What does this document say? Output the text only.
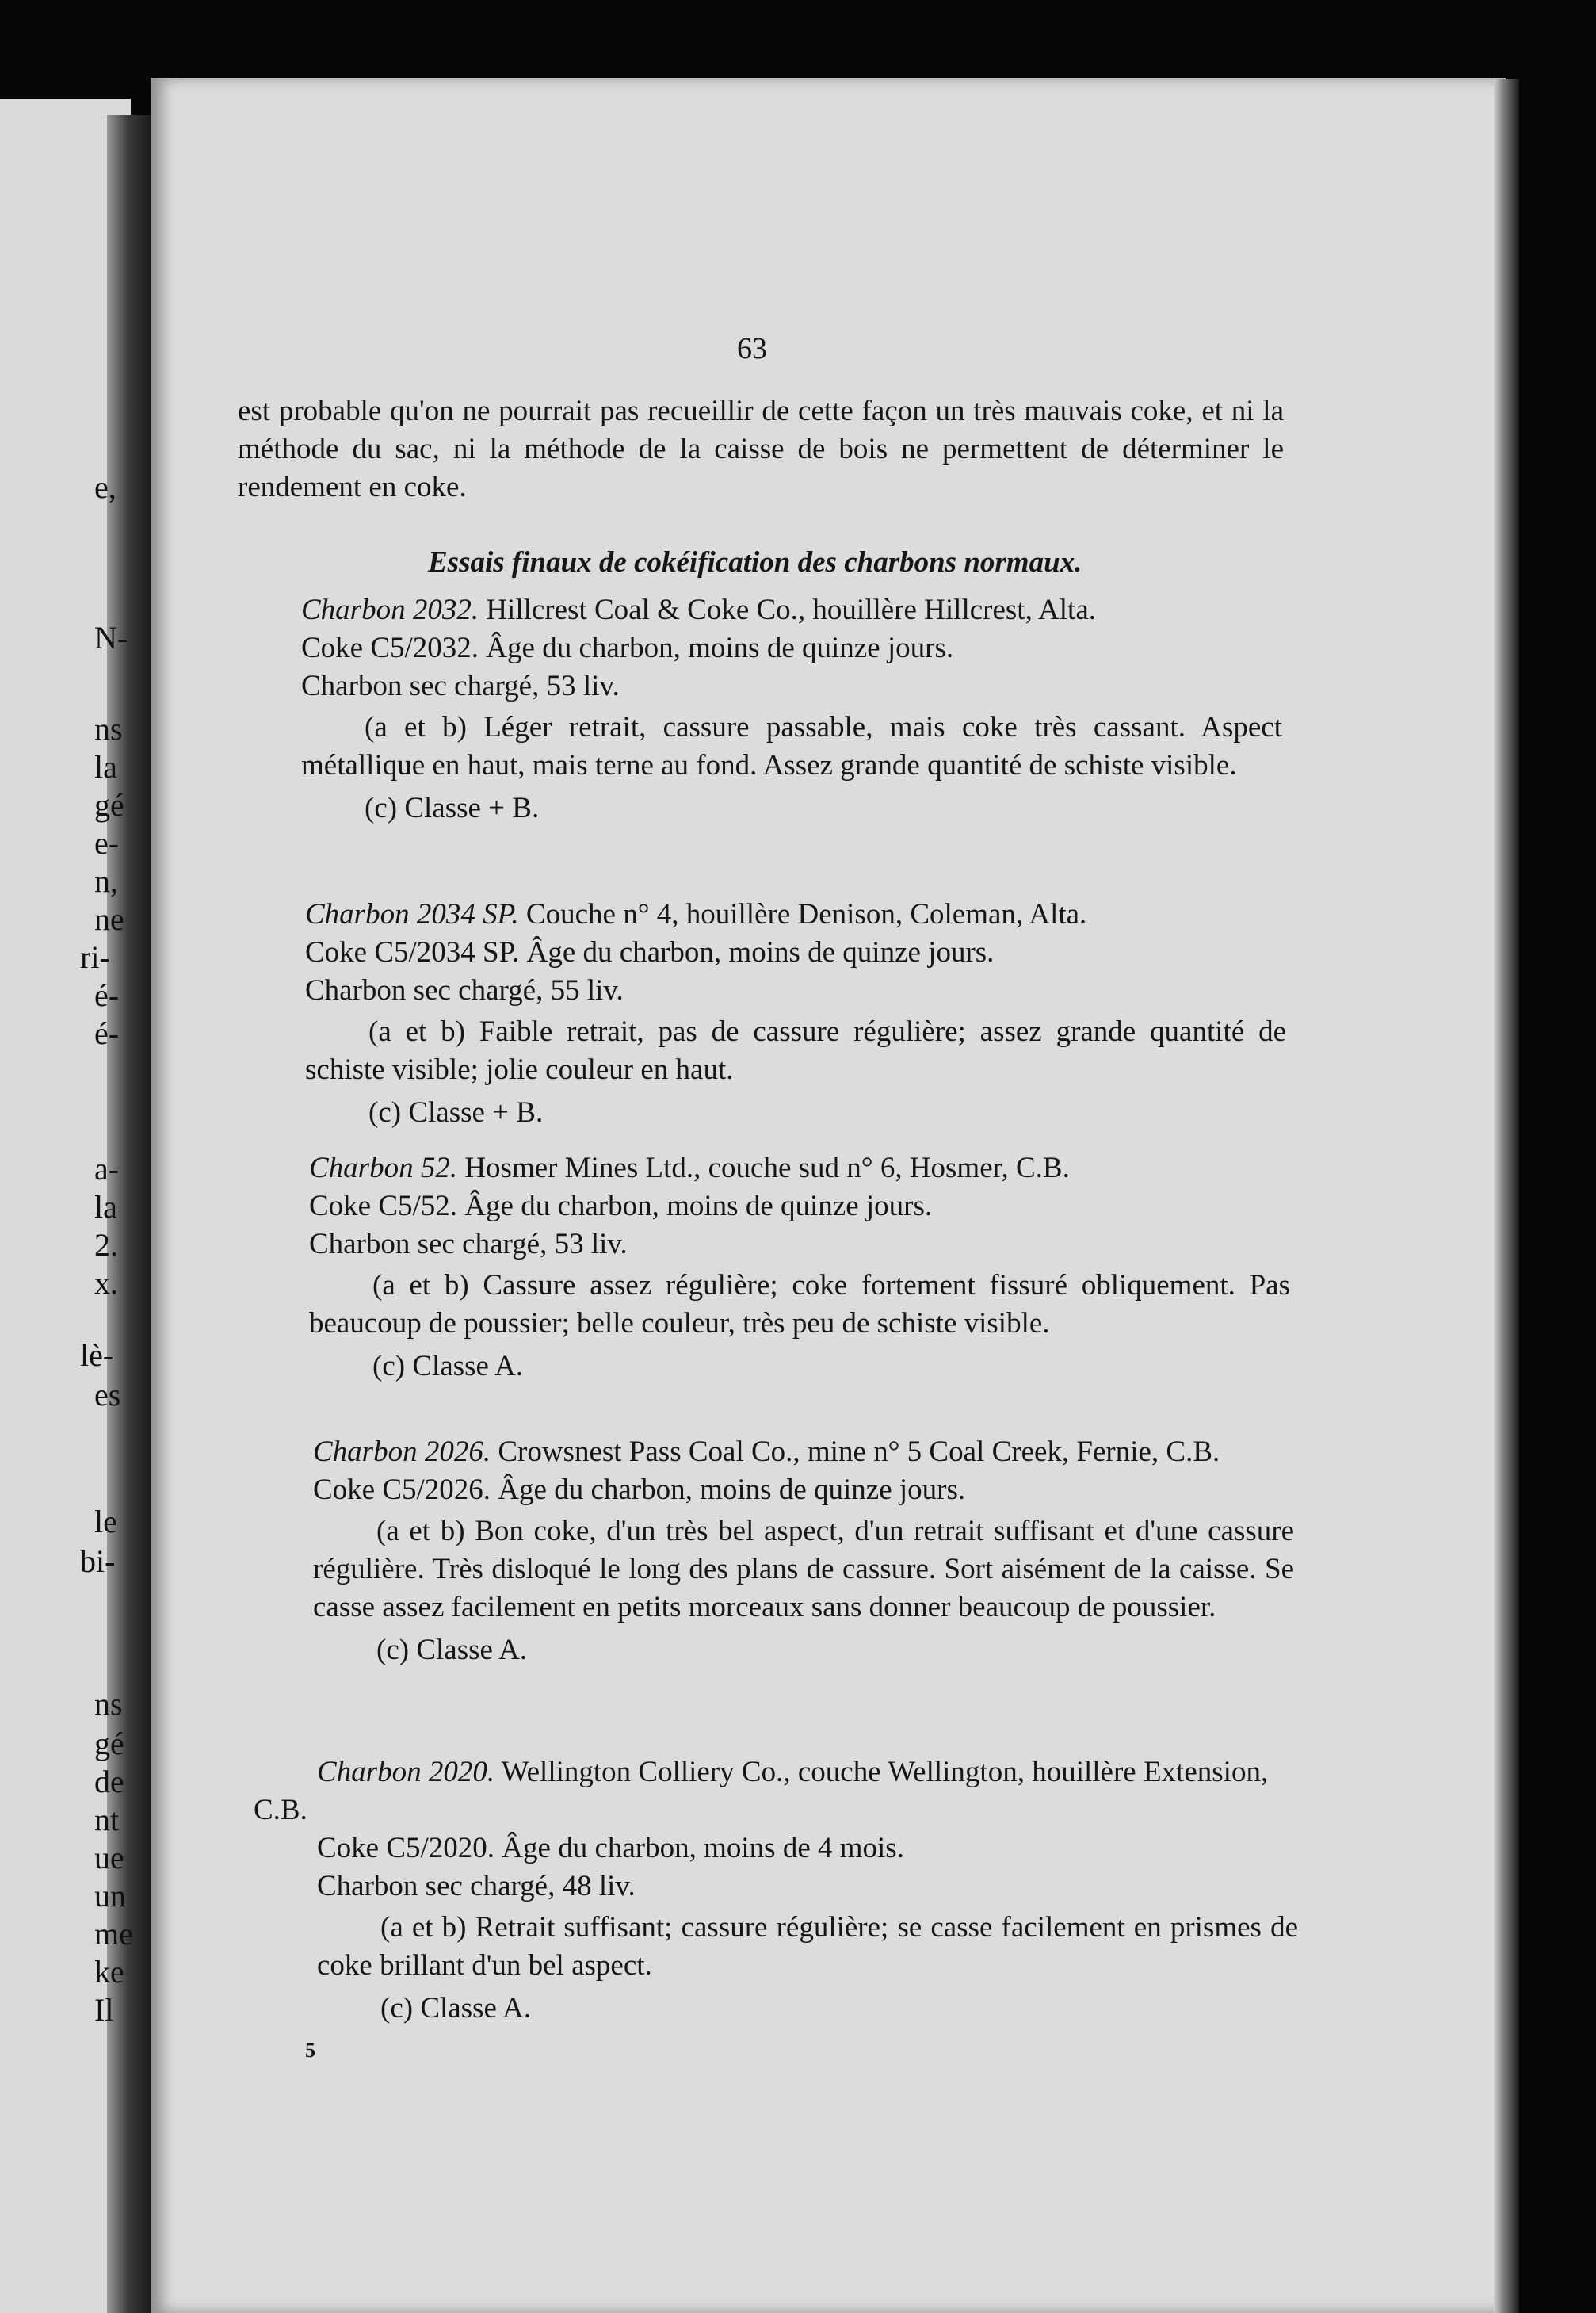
e,

N-

ns

la

gé

e-

n,

ne

ri-

é-

é-

a-

la

2.

x.

lè-

es

le

bi-

ns

gé

de

nt

ue

un

me

ke

Il

63

est probable qu'on ne pourrait pas recueillir de cette façon un très mauvais coke, et ni la méthode du sac, ni la méthode de la caisse de bois ne permettent de déterminer le rendement en coke.

Essais finaux de cokéification des charbons normaux.

Charbon 2032. Hillcrest Coal & Coke Co., houillère Hillcrest, Alta.

Coke C5/2032. Âge du charbon, moins de quinze jours.

Charbon sec chargé, 53 liv.

(a et b) Léger retrait, cassure passable, mais coke très cassant. Aspect métallique en haut, mais terne au fond. Assez grande quantité de schiste visible.

(c) Classe + B.

Charbon 2034 SP. Couche n° 4, houillère Denison, Coleman, Alta.

Coke C5/2034 SP. Âge du charbon, moins de quinze jours.

Charbon sec chargé, 55 liv.

(a et b) Faible retrait, pas de cassure régulière; assez grande quantité de schiste visible; jolie couleur en haut.

(c) Classe + B.

Charbon 52. Hosmer Mines Ltd., couche sud n° 6, Hosmer, C.B.

Coke C5/52. Âge du charbon, moins de quinze jours.

Charbon sec chargé, 53 liv.

(a et b) Cassure assez régulière; coke fortement fissuré obliquement. Pas beaucoup de poussier; belle couleur, très peu de schiste visible.

(c) Classe A.

Charbon 2026. Crowsnest Pass Coal Co., mine n° 5 Coal Creek, Fernie, C.B.

Coke C5/2026. Âge du charbon, moins de quinze jours.

(a et b) Bon coke, d'un très bel aspect, d'un retrait suffisant et d'une cassure régulière. Très disloqué le long des plans de cassure. Sort aisément de la caisse. Se casse assez facilement en petits morceaux sans donner beaucoup de poussier.

(c) Classe A.

Charbon 2020. Wellington Colliery Co., couche Wellington, houillère Extension, C.B.

Coke C5/2020. Âge du charbon, moins de 4 mois.

Charbon sec chargé, 48 liv.

(a et b) Retrait suffisant; cassure régulière; se casse facilement en prismes de coke brillant d'un bel aspect.

(c) Classe A.

5
